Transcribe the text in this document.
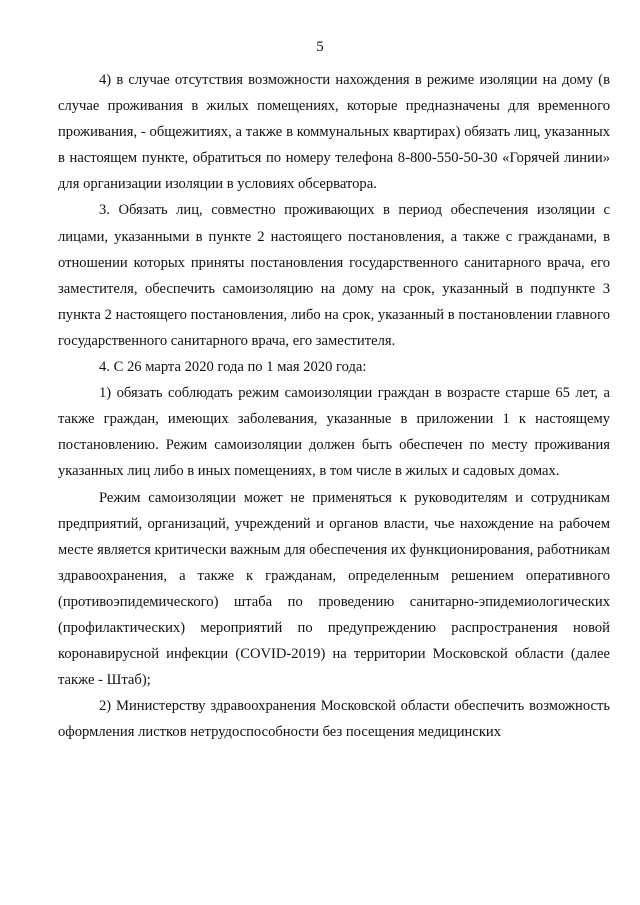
5

4) в случае отсутствия возможности нахождения в режиме изоляции на дому (в случае проживания в жилых помещениях, которые предназначены для временного проживания, - общежитиях, а также в коммунальных квартирах) обязать лиц, указанных в настоящем пункте, обратиться по номеру телефона 8-800-550-50-30 «Горячей линии» для организации изоляции в условиях обсерватора.

3. Обязать лиц, совместно проживающих в период обеспечения изоляции с лицами, указанными в пункте 2 настоящего постановления, а также с гражданами, в отношении которых приняты постановления государственного санитарного врача, его заместителя, обеспечить самоизоляцию на дому на срок, указанный в подпункте 3 пункта 2 настоящего постановления, либо на срок, указанный в постановлении главного государственного санитарного врача, его заместителя.

4. С 26 марта 2020 года по 1 мая 2020 года:

1) обязать соблюдать режим самоизоляции граждан в возрасте старше 65 лет, а также граждан, имеющих заболевания, указанные в приложении 1 к настоящему постановлению. Режим самоизоляции должен быть обеспечен по месту проживания указанных лиц либо в иных помещениях, в том числе в жилых и садовых домах.

Режим самоизоляции может не применяться к руководителям и сотрудникам предприятий, организаций, учреждений и органов власти, чье нахождение на рабочем месте является критически важным для обеспечения их функционирования, работникам здравоохранения, а также к гражданам, определенным решением оперативного (противоэпидемического) штаба по проведению санитарно-эпидемиологических (профилактических) мероприятий по предупреждению распространения новой коронавирусной инфекции (COVID-2019) на территории Московской области (далее также - Штаб);

2) Министерству здравоохранения Московской области обеспечить возможность оформления листков нетрудоспособности без посещения медицинских
